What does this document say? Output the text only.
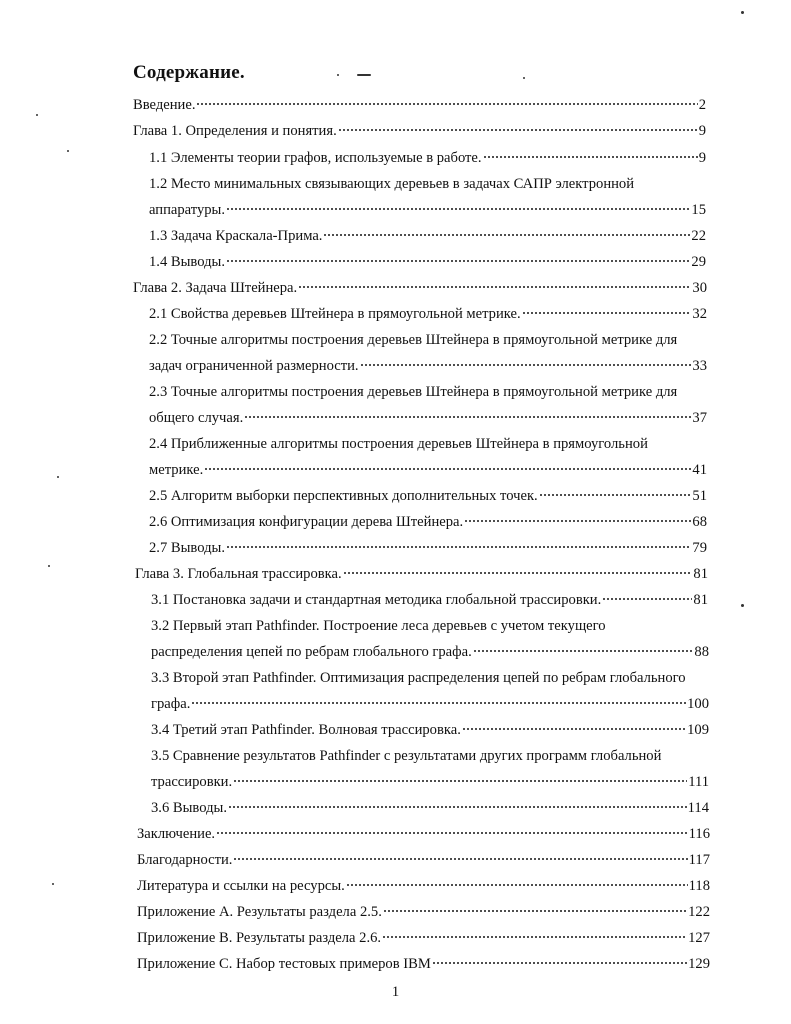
Содержание.
Введение.	2
Глава 1. Определения и понятия.	9
1.1 Элементы теории графов, используемые в работе.	9
1.2 Место минимальных связывающих деревьев в задачах САПР электронной
аппаратуры.	15
1.3 Задача Краскала-Прима.	22
1.4 Выводы.	29
Глава 2. Задача Штейнера.	30
2.1 Свойства деревьев Штейнера в прямоугольной метрике.	32
2.2 Точные алгоритмы построения деревьев Штейнера в прямоугольной метрике для
задач ограниченной размерности.	33
2.3 Точные алгоритмы построения деревьев Штейнера в прямоугольной метрике для
общего случая.	37
2.4 Приближенные алгоритмы построения деревьев Штейнера в прямоугольной
метрике.	41
2.5 Алгоритм выборки перспективных дополнительных точек.	51
2.6 Оптимизация конфигурации дерева Штейнера.	68
2.7 Выводы.	79
Глава 3. Глобальная трассировка.	81
3.1 Постановка задачи и стандартная методика глобальной трассировки.	81
3.2 Первый этап Pathfinder. Построение леса деревьев с учетом текущего
распределения цепей по ребрам глобального графа.	88
3.3 Второй этап Pathfinder. Оптимизация распределения цепей по ребрам глобального
графа.	100
3.4 Третий этап Pathfinder. Волновая трассировка.	109
3.5 Сравнение результатов Pathfinder с результатами других программ глобальной
трассировки.	111
3.6 Выводы.	114
Заключение.	116
Благодарности.	117
Литература и ссылки на ресурсы.	118
Приложение А. Результаты раздела 2.5.	122
Приложение В. Результаты раздела 2.6.	127
Приложение С. Набор тестовых примеров IBM	129
1
